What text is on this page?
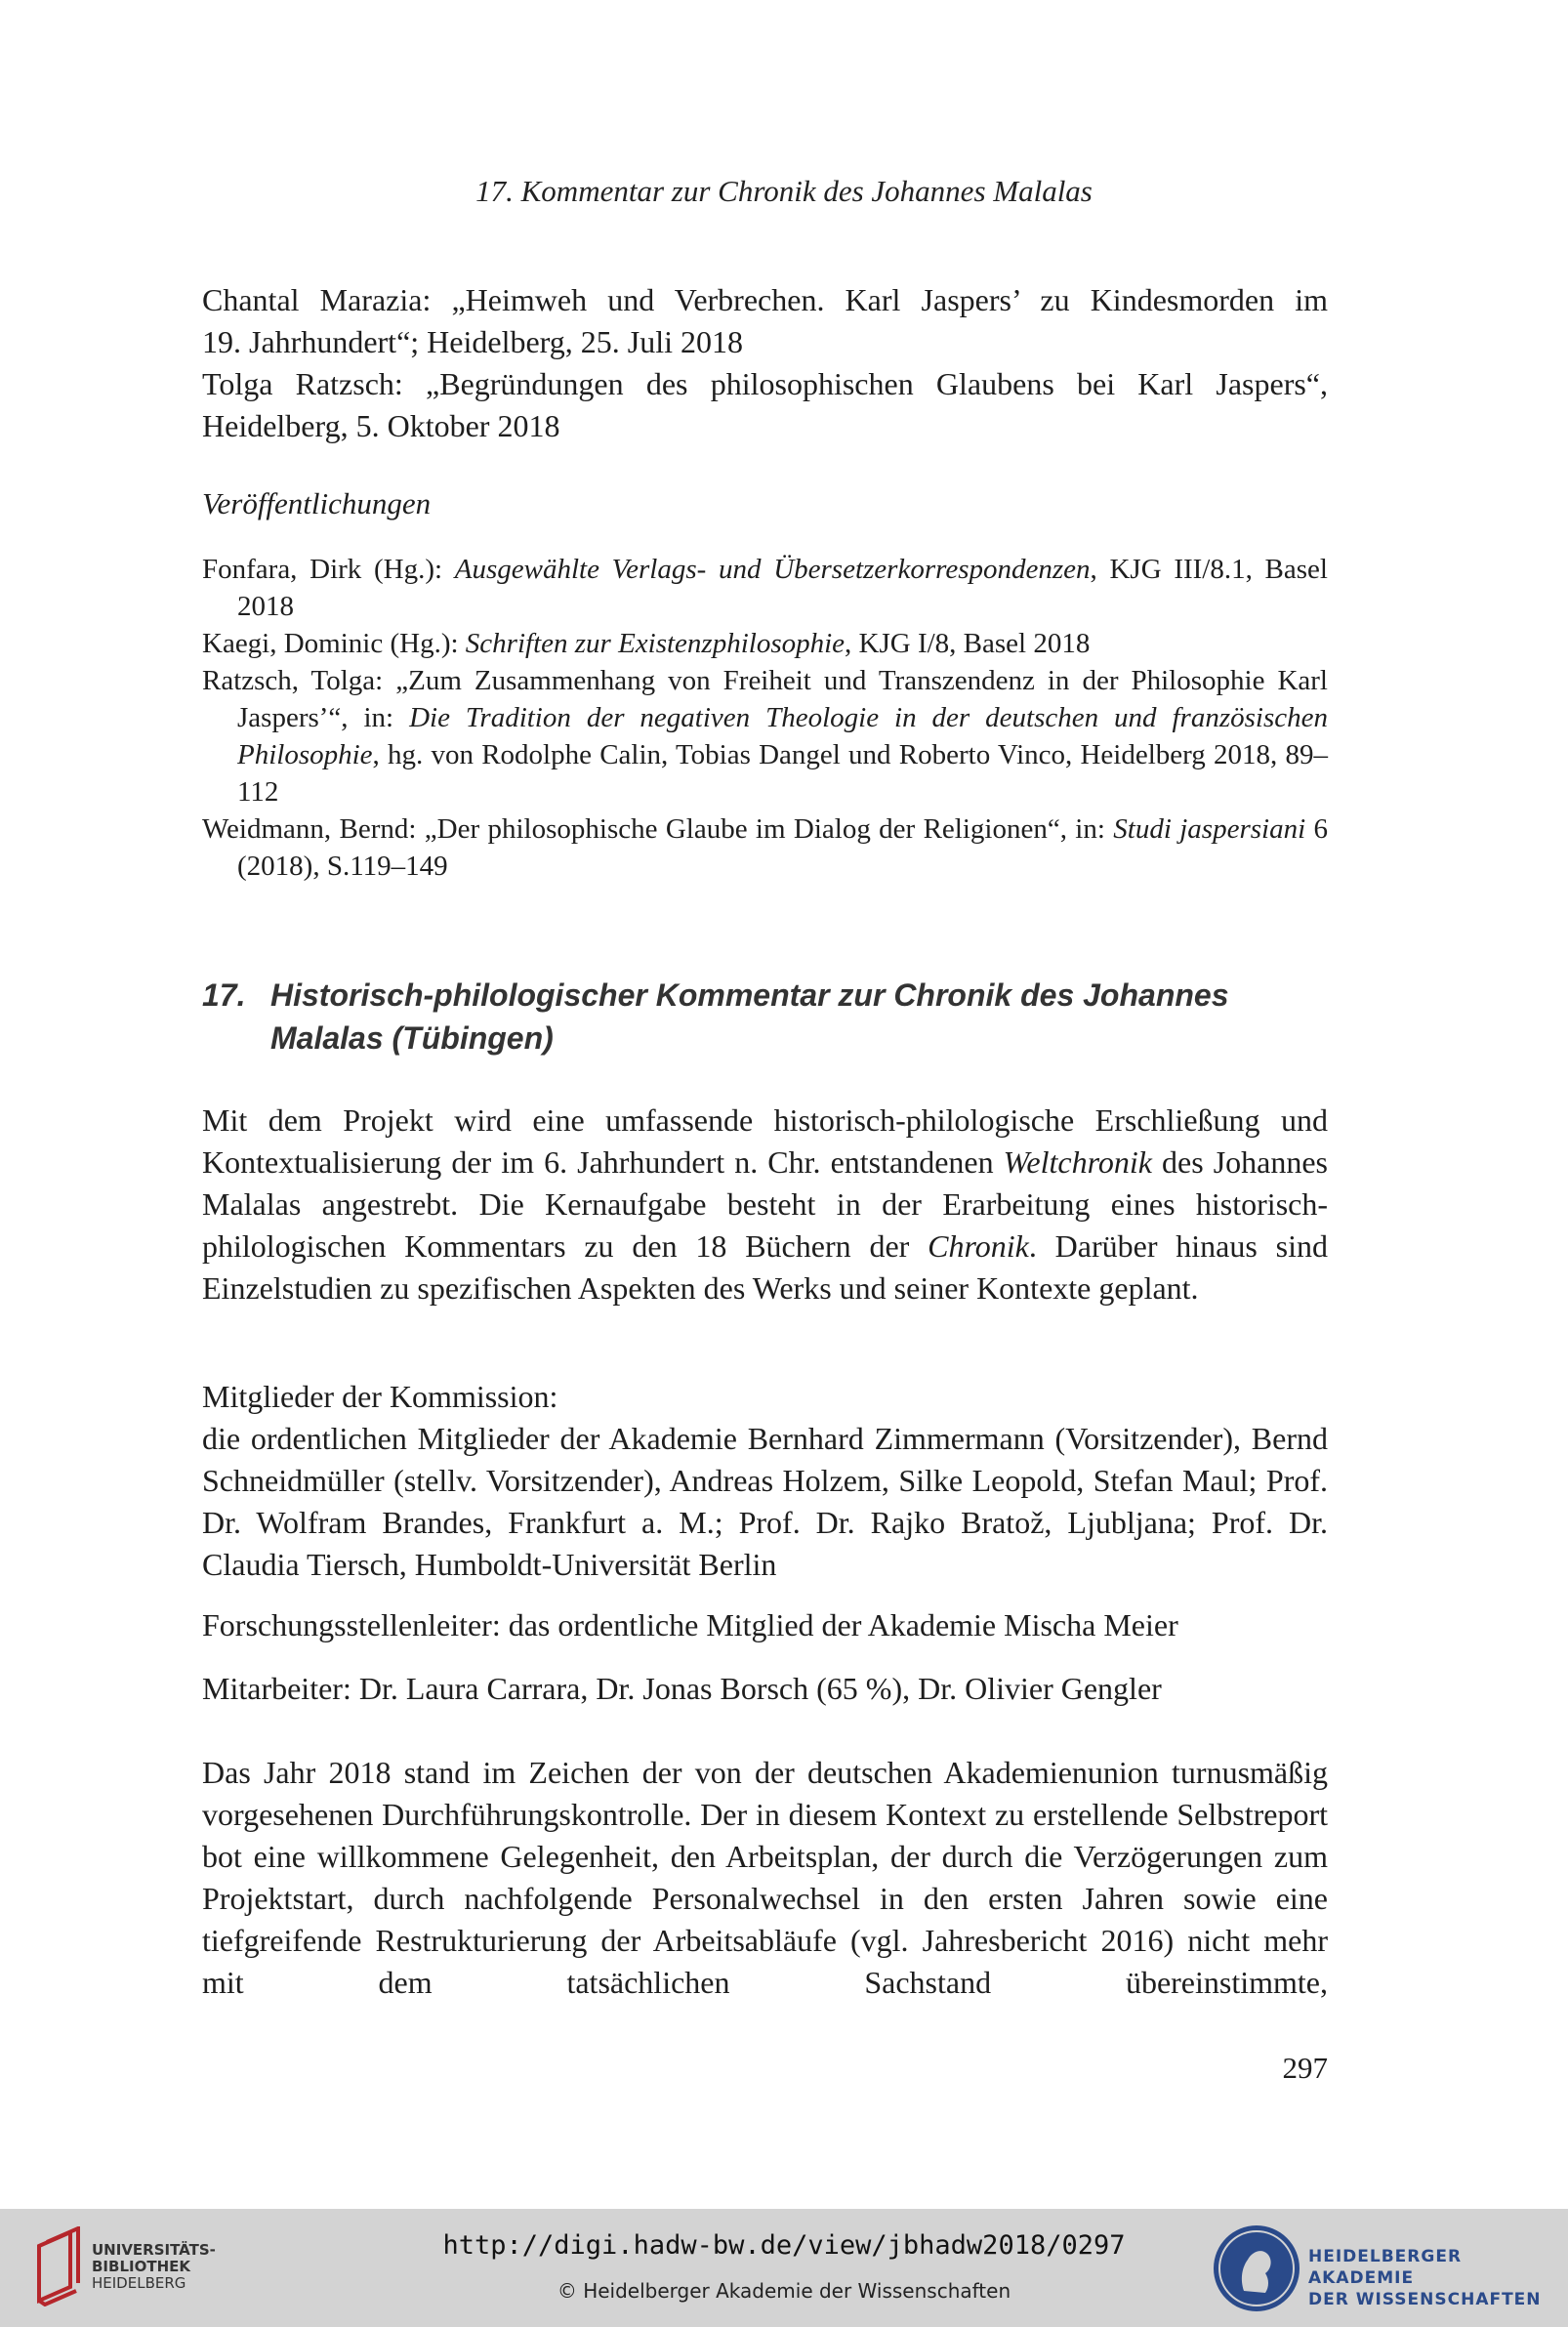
17. Kommentar zur Chronik des Johannes Malalas
Chantal Marazia: „Heimweh und Verbrechen. Karl Jaspers’ zu Kindesmorden im
19. Jahrhundert“; Heidelberg, 25. Juli 2018
Tolga Ratzsch: „Begründungen des philosophischen Glaubens bei Karl Jaspers“,
Heidelberg, 5. Oktober 2018
Veröffentlichungen
Fonfara, Dirk (Hg.): Ausgewählte Verlags- und Übersetzerkorrespondenzen, KJG III/8.1, Basel 2018
Kaegi, Dominic (Hg.): Schriften zur Existenzphilosophie, KJG I/8, Basel 2018
Ratzsch, Tolga: „Zum Zusammenhang von Freiheit und Transzendenz in der Philosophie Karl Jaspers’“, in: Die Tradition der negativen Theologie in der deutschen und französischen Philosophie, hg. von Rodolphe Calin, Tobias Dangel und Roberto Vinco, Heidelberg 2018, 89–112
Weidmann, Bernd: „Der philosophische Glaube im Dialog der Religionen“, in: Studi jaspersiani 6 (2018), S.119–149
17. Historisch-philologischer Kommentar zur Chronik des Johannes Malalas (Tübingen)
Mit dem Projekt wird eine umfassende historisch-philologische Erschließung und Kontextualisierung der im 6. Jahrhundert n. Chr. entstandenen Weltchronik des Johannes Malalas angestrebt. Die Kernaufgabe besteht in der Erarbeitung eines historisch-philologischen Kommentars zu den 18 Büchern der Chronik. Darüber hinaus sind Einzelstudien zu spezifischen Aspekten des Werks und seiner Kontexte geplant.
Mitglieder der Kommission:
die ordentlichen Mitglieder der Akademie Bernhard Zimmermann (Vorsitzender), Bernd Schneidmüller (stellv. Vorsitzender), Andreas Holzem, Silke Leopold, Stefan Maul; Prof. Dr. Wolfram Brandes, Frankfurt a. M.; Prof. Dr. Rajko Bratož, Ljubljana; Prof. Dr. Claudia Tiersch, Humboldt-Universität Berlin
Forschungsstellenleiter: das ordentliche Mitglied der Akademie Mischa Meier
Mitarbeiter: Dr. Laura Carrara, Dr. Jonas Borsch (65 %), Dr. Olivier Gengler
Das Jahr 2018 stand im Zeichen der von der deutschen Akademienunion turnusmäßig vorgesehenen Durchführungskontrolle. Der in diesem Kontext zu erstellende Selbstreport bot eine willkommene Gelegenheit, den Arbeitsplan, der durch die Verzögerungen zum Projektstart, durch nachfolgende Personalwechsel in den ersten Jahren sowie eine tiefgreifende Restrukturierung der Arbeitsabläufe (vgl. Jahresbericht 2016) nicht mehr mit dem tatsächlichen Sachstand übereinstimmte,
297
UNIVERSITÄTS-
BIBLIOTHEK
HEIDELBERG
http://digi.hadw-bw.de/view/jbhadw2018/0297
© Heidelberger Akademie der Wissenschaften
HEIDELBERGER AKADEMIE
DER WISSENSCHAFTEN
